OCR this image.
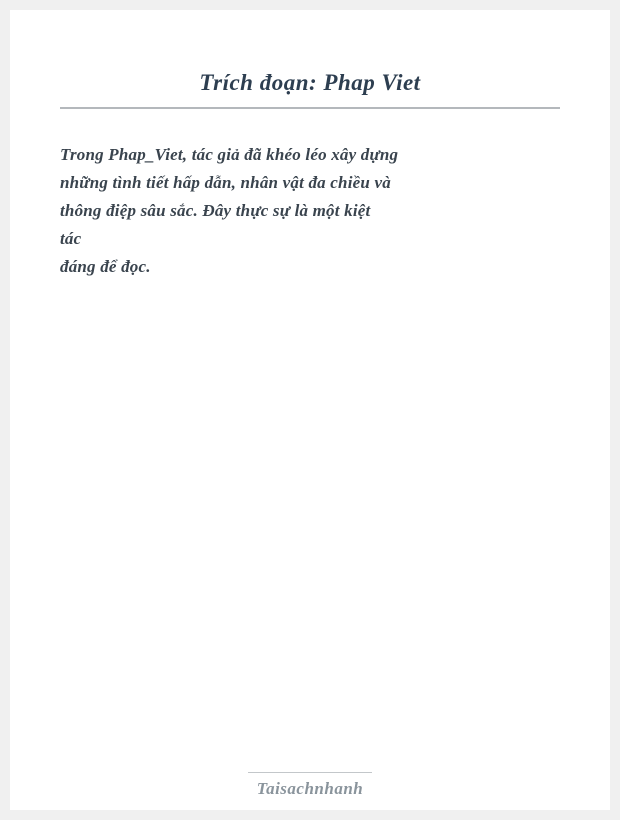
Trích đoạn: Phap Viet
Trong Phap_Viet, tác giả đã khéo léo xây dựng
những tình tiết hấp dẫn, nhân vật đa chiều và
thông điệp sâu sắc. Đây thực sự là một kiệt
tác
đáng để đọc.
Taisachnhanh
